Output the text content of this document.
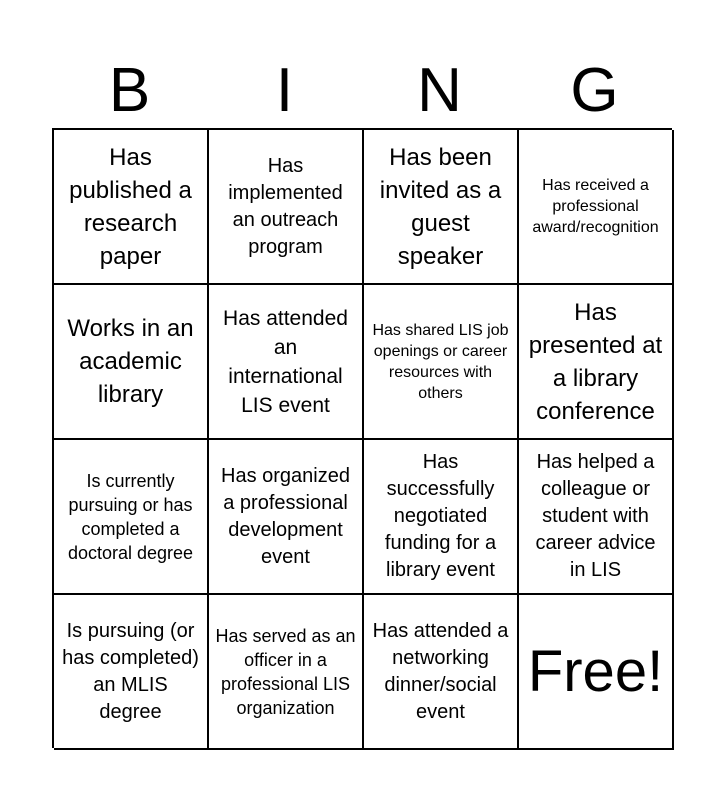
B	I	N	G
Has published a research paper
Has implemented an outreach program
Has been invited as a guest speaker
Has received a professional award/recognition
Works in an academic library
Has attended an international LIS event
Has shared LIS job openings or career resources with others
Has presented at a library conference
Is currently pursuing or has completed a doctoral degree
Has organized a professional development event
Has successfully negotiated funding for a library event
Has helped a colleague or student with career advice in LIS
Is pursuing (or has completed) an MLIS degree
Has served as an officer in a professional LIS organization
Has attended a networking dinner/social event
Free!
